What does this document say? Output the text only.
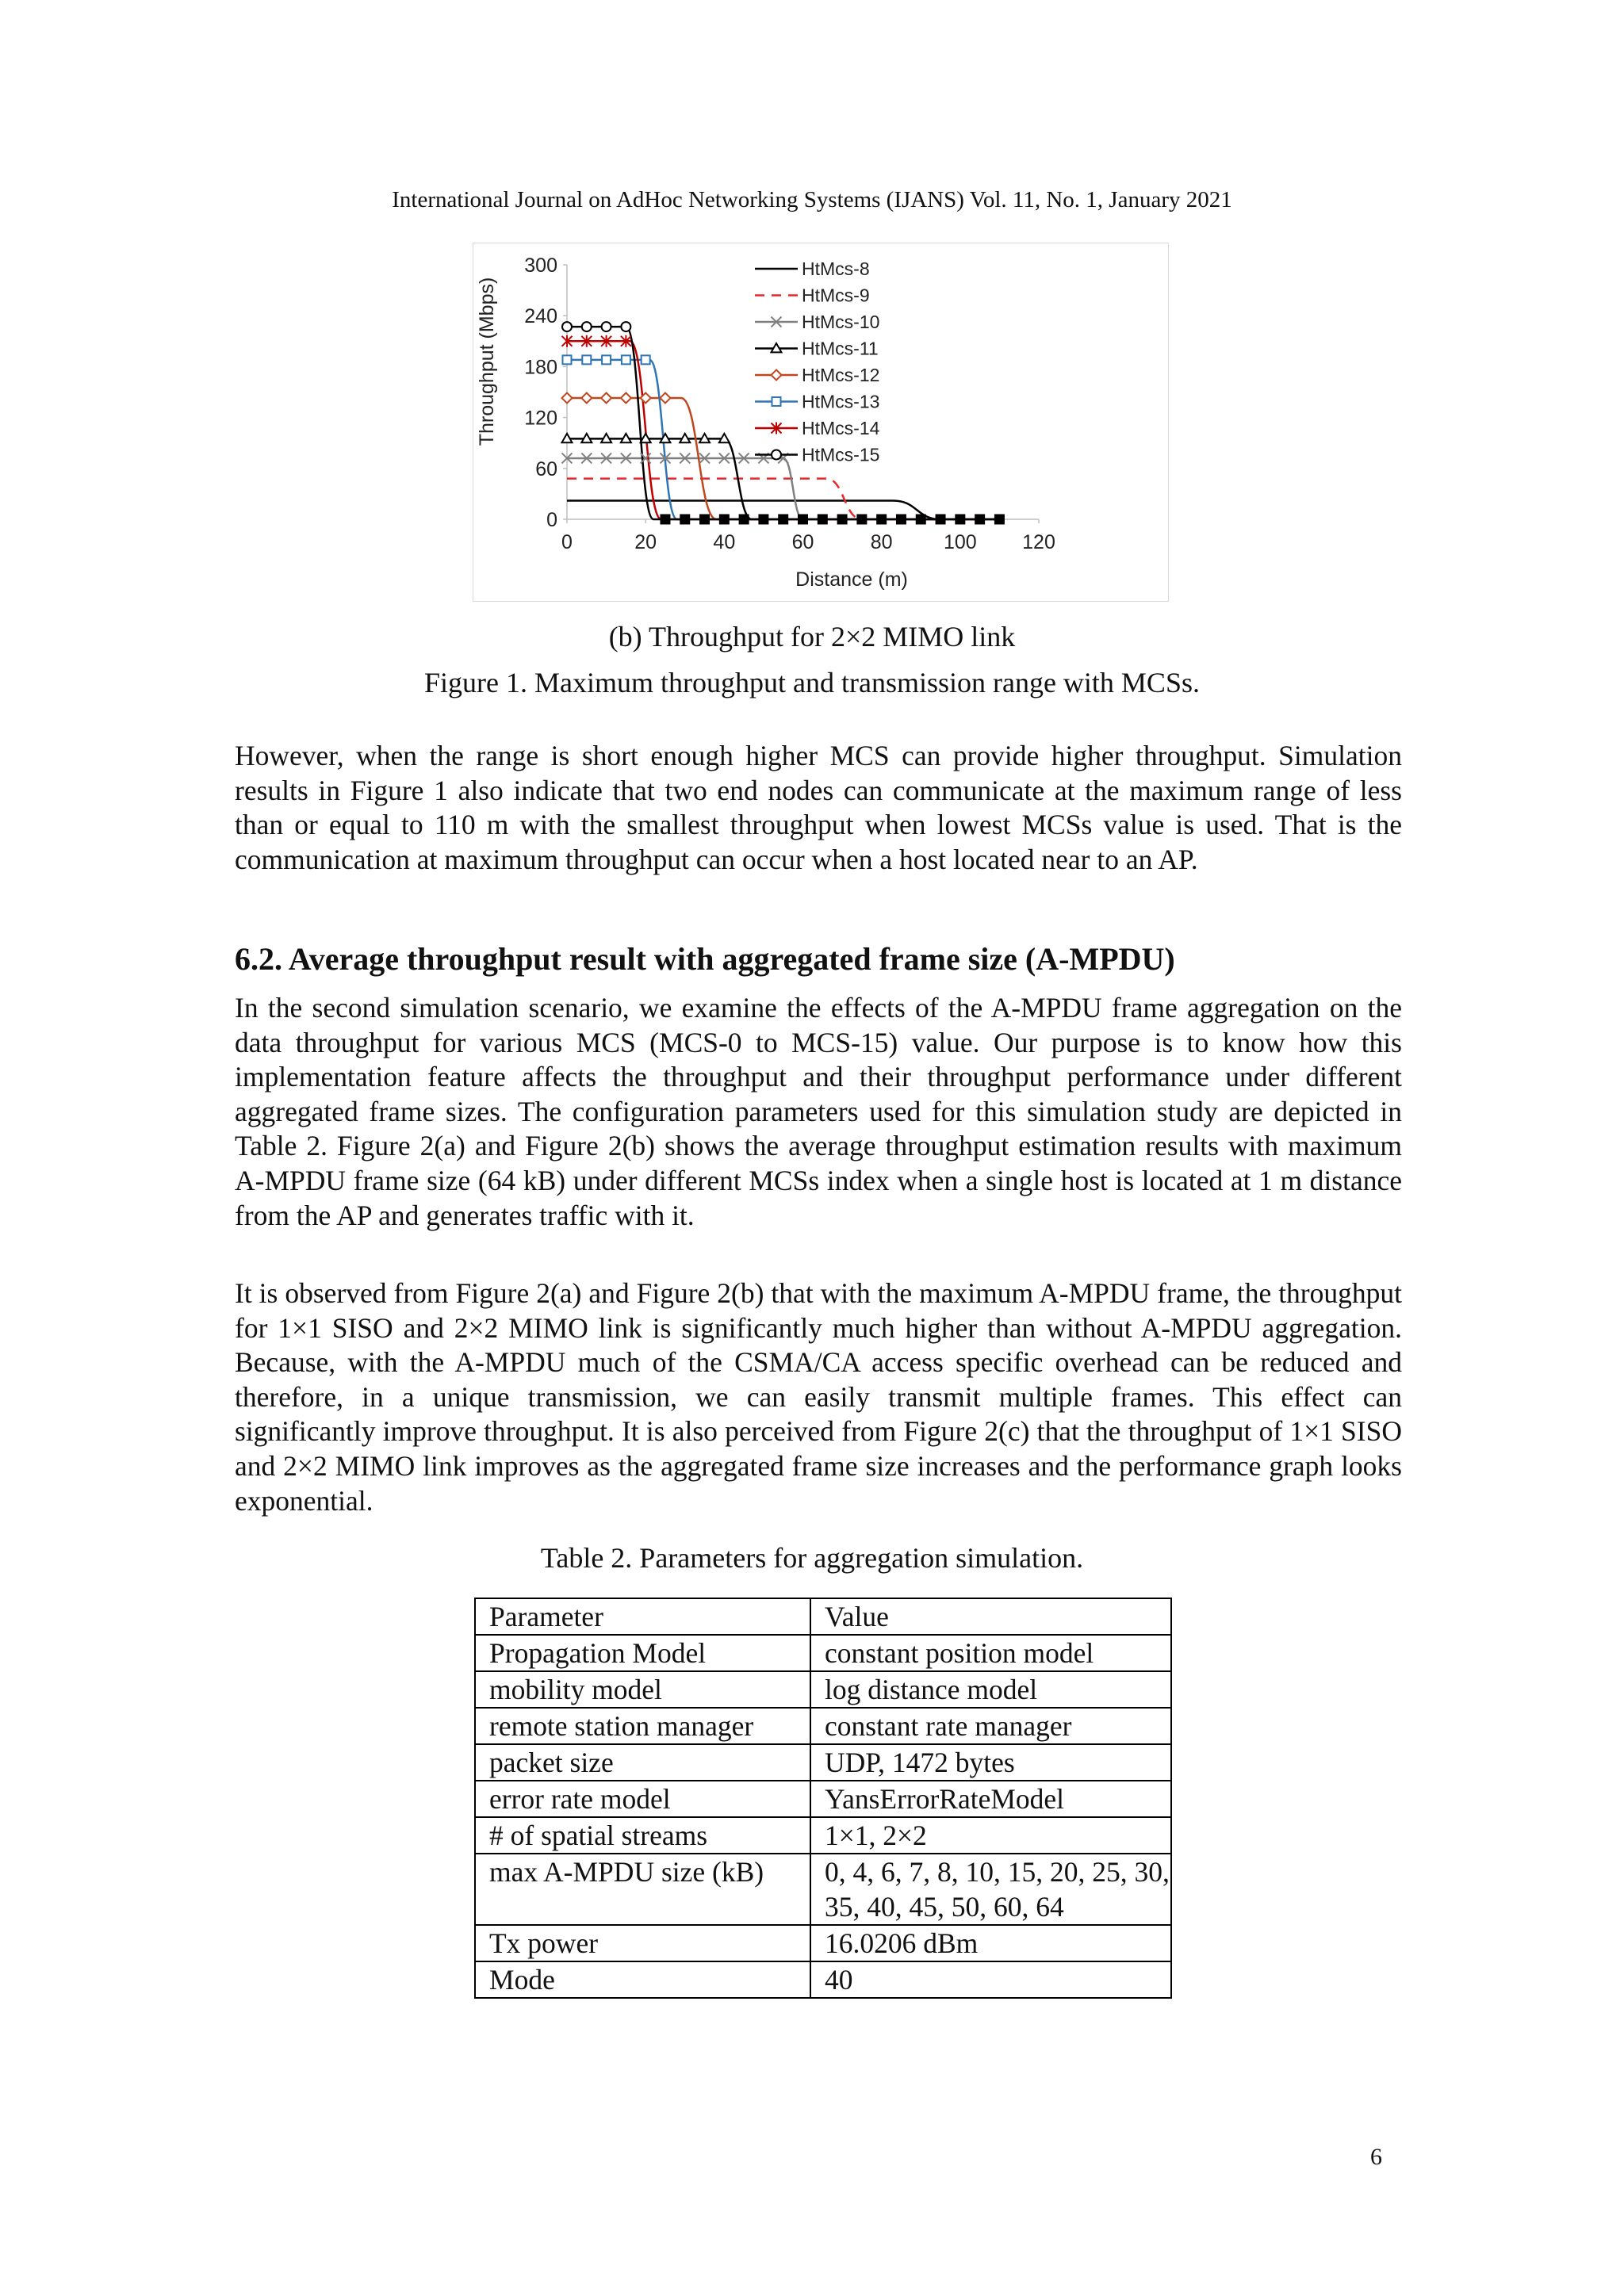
International Journal on AdHoc Networking Systems (IJANS) Vol. 11, No. 1, January 2021
0	20	40	60	80	100 120
0
60
120
180
240
300	HtMcs-8
HtMcs-9
HtMcs-10
HtMcs-11
HtMcs-12
HtMcs-13
HtMcs-14
HtMcs-15
Distance (m)
Throughput (Mbps)
(b) Throughput for 2×2 MIMO link
Figure 1. Maximum throughput and transmission range with MCSs.
However, when the range is short enough higher MCS can provide higher throughput. Simulation results in Figure 1 also indicate that two end nodes can communicate at the maximum range of less than or equal to 110 m with the smallest throughput when lowest MCSs value is used. That is the communication at maximum throughput can occur when a host located near to an AP.
6.2. Average throughput result with aggregated frame size (A-MPDU)
In the second simulation scenario, we examine the effects of the A-MPDU frame aggregation on the data throughput for various MCS (MCS-0 to MCS-15) value. Our purpose is to know how this implementation feature affects the throughput and their throughput performance under different aggregated frame sizes. The configuration parameters used for this simulation study are depicted in Table 2. Figure 2(a) and Figure 2(b) shows the average throughput estimation results with maximum A-MPDU frame size (64 kB) under different MCSs index when a single host is located at 1 m distance from the AP and generates traffic with it.
It is observed from Figure 2(a) and Figure 2(b) that with the maximum A-MPDU frame, the throughput for 1×1 SISO and 2×2 MIMO link is significantly much higher than without A-MPDU aggregation. Because, with the A-MPDU much of the CSMA/CA access specific overhead can be reduced and therefore, in a unique transmission, we can easily transmit multiple frames. This effect can significantly improve throughput. It is also perceived from Figure 2(c) that the throughput of 1×1 SISO and 2×2 MIMO link improves as the aggregated frame size increases and the performance graph looks exponential.
Table 2. Parameters for aggregation simulation.
Parameter	Value
Propagation Model	constant position model
mobility model	log distance model
remote station manager	constant rate manager
packet size	UDP, 1472 bytes
error rate model	YansErrorRateModel
# of spatial streams	1×1, 2×2
max A-MPDU size (kB)	0, 4, 6, 7, 8, 10, 15, 20, 25, 30, 35, 40, 45, 50, 60, 64
Tx power	16.0206 dBm
Mode	40
6
